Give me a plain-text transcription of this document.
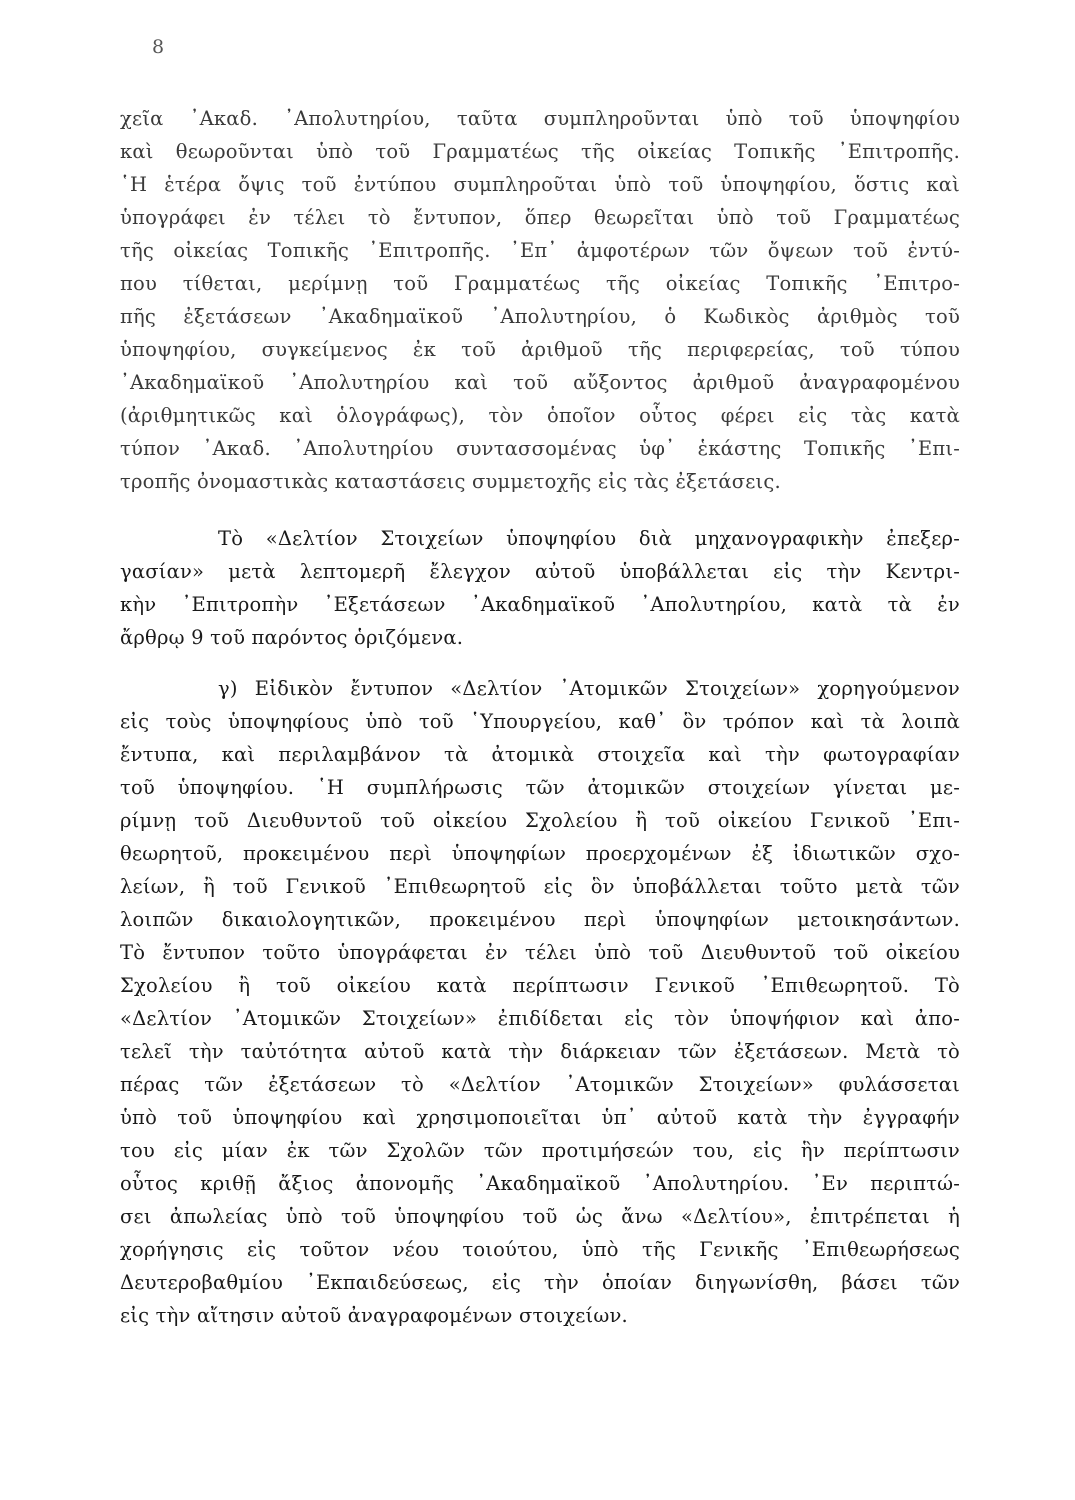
8
χεῖα ᾿Ακαδ. ᾿Απολυτηρίου, ταῦτα συμπληροῦνται ὑπὸ τοῦ ὑποψηφίου
καὶ θεωροῦνται ὑπὸ τοῦ Γραμματέως τῆς οἰκείας Τοπικῆς ᾿Επιτροπῆς.
῾Η ἑτέρα ὄψις τοῦ ἐντύπου συμπληροῦται ὑπὸ τοῦ ὑποψηφίου, ὅστις καὶ
ὑπογράφει ἐν τέλει τὸ ἔντυπον, ὅπερ θεωρεῖται ὑπὸ τοῦ Γραμματέως
τῆς οἰκείας Τοπικῆς ᾿Επιτροπῆς. ᾿Επ᾿ ἀμφοτέρων τῶν ὄψεων τοῦ ἐντύ-
που τίθεται, μερίμνῃ τοῦ Γραμματέως τῆς οἰκείας Τοπικῆς ᾿Επιτρο-
πῆς ἐξετάσεων ᾿Ακαδημαϊκοῦ ᾿Απολυτηρίου, ὁ Κωδικὸς ἀριθμὸς τοῦ
ὑποψηφίου, συγκείμενος ἐκ τοῦ ἀριθμοῦ τῆς περιφερείας, τοῦ τύπου
᾿Ακαδημαϊκοῦ ᾿Απολυτηρίου καὶ τοῦ αὔξοντος ἀριθμοῦ ἀναγραφομένου
(ἀριθμητικῶς καὶ ὁλογράφως), τὸν ὁποῖον οὗτος φέρει εἰς τὰς κατὰ
τύπον ᾿Ακαδ. ᾿Απολυτηρίου συντασσομένας ὑφ᾿ ἑκάστης Τοπικῆς ᾿Επι-
τροπῆς ὀνομαστικὰς καταστάσεις συμμετοχῆς εἰς τὰς ἐξετάσεις.
Τὸ «Δελτίον Στοιχείων ὑποψηφίου διὰ μηχανογραφικὴν ἐπεξερ-
γασίαν» μετὰ λεπτομερῆ ἔλεγχον αὐτοῦ ὑποβάλλεται εἰς τὴν Κεντρι-
κὴν ᾿Επιτροπὴν ᾿Εξετάσεων ᾿Ακαδημαϊκοῦ ᾿Απολυτηρίου, κατὰ τὰ ἐν
ἄρθρῳ 9 τοῦ παρόντος ὁριζόμενα.
γ) Εἰδικὸν ἔντυπον «Δελτίον ᾿Ατομικῶν Στοιχείων» χορηγούμενον
εἰς τοὺς ὑποψηφίους ὑπὸ τοῦ ῾Υπουργείου, καθ᾿ ὃν τρόπον καὶ τὰ λοιπὰ
ἔντυπα, καὶ περιλαμβάνον τὰ ἀτομικὰ στοιχεῖα καὶ τὴν φωτογραφίαν
τοῦ ὑποψηφίου. ῾Η συμπλήρωσις τῶν ἀτομικῶν στοιχείων γίνεται με-
ρίμνῃ τοῦ Διευθυντοῦ τοῦ οἰκείου Σχολείου ἢ τοῦ οἰκείου Γενικοῦ ᾿Επι-
θεωρητοῦ, προκειμένου περὶ ὑποψηφίων προερχομένων ἐξ ἰδιωτικῶν σχο-
λείων, ἢ τοῦ Γενικοῦ ᾿Επιθεωρητοῦ εἰς ὃν ὑποβάλλεται τοῦτο μετὰ τῶν
λοιπῶν δικαιολογητικῶν, προκειμένου περὶ ὑποψηφίων μετοικησάντων.
Τὸ ἔντυπον τοῦτο ὑπογράφεται ἐν τέλει ὑπὸ τοῦ Διευθυντοῦ τοῦ οἰκείου
Σχολείου ἢ τοῦ οἰκείου κατὰ περίπτωσιν Γενικοῦ ᾿Επιθεωρητοῦ. Τὸ
«Δελτίον ᾿Ατομικῶν Στοιχείων» ἐπιδίδεται εἰς τὸν ὑποψήφιον καὶ ἀπο-
τελεῖ τὴν ταὐτότητα αὐτοῦ κατὰ τὴν διάρκειαν τῶν ἐξετάσεων. Μετὰ τὸ
πέρας τῶν ἐξετάσεων τὸ «Δελτίον ᾿Ατομικῶν Στοιχείων» φυλάσσεται
ὑπὸ τοῦ ὑποψηφίου καὶ χρησιμοποιεῖται ὑπ᾿ αὐτοῦ κατὰ τὴν ἐγγραφήν
του εἰς μίαν ἐκ τῶν Σχολῶν τῶν προτιμήσεών του, εἰς ἣν περίπτωσιν
οὗτος κριθῇ ἄξιος ἀπονομῆς ᾿Ακαδημαϊκοῦ ᾿Απολυτηρίου. ᾿Εν περιπτώ-
σει ἀπωλείας ὑπὸ τοῦ ὑποψηφίου τοῦ ὡς ἄνω «Δελτίου», ἐπιτρέπεται ἡ
χορήγησις εἰς τοῦτον νέου τοιούτου, ὑπὸ τῆς Γενικῆς ᾿Επιθεωρήσεως
Δευτεροβαθμίου ᾿Εκπαιδεύσεως, εἰς τὴν ὁποίαν διηγωνίσθη, βάσει τῶν
εἰς τὴν αἴτησιν αὐτοῦ ἀναγραφομένων στοιχείων.
